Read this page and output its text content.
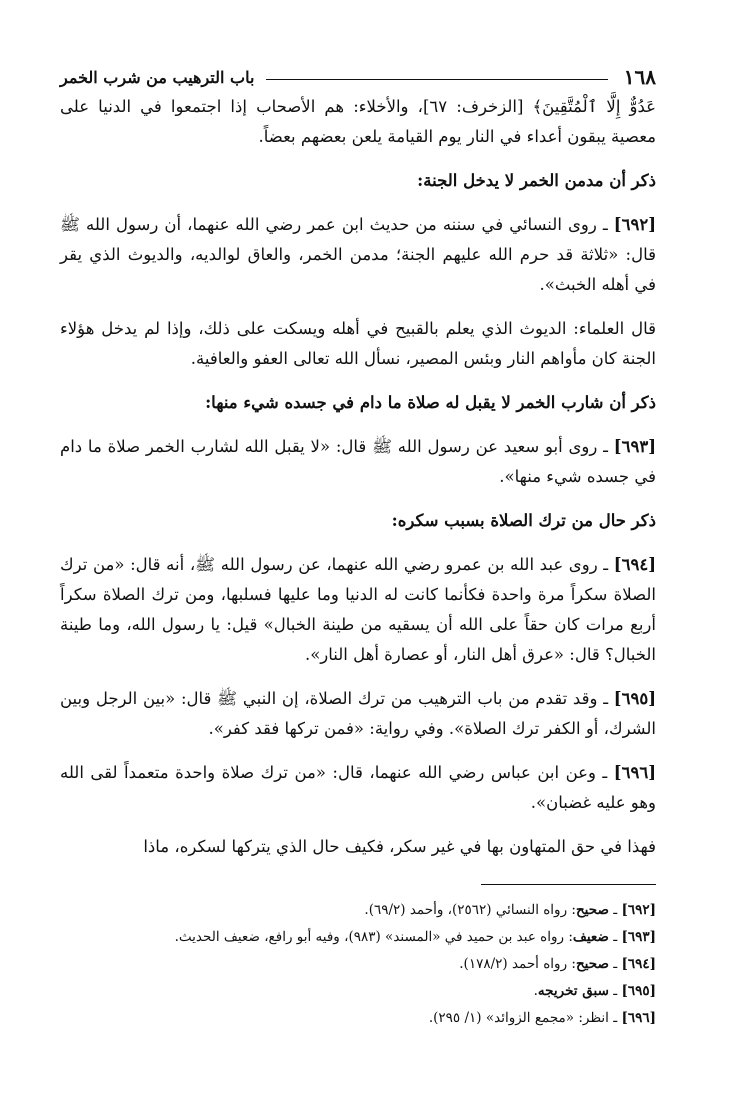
١٦٨
باب الترهيب من شرب الخمر

عَدُوٌّ إِلَّا ٱلْمُتَّقِينَ﴾ [الزخرف: ٦٧]، والأخلاء: هم الأصحاب إذا اجتمعوا في الدنيا على معصية يبقون أعداء في النار يوم القيامة يلعن بعضهم بعضاً.

ذكر أن مدمن الخمر لا يدخل الجنة:

[٦٩٢] ـ روى النسائي في سننه من حديث ابن عمر رضي الله عنهما، أن رسول الله ﷺ قال: «ثلاثة قد حرم الله عليهم الجنة؛ مدمن الخمر، والعاق لوالديه، والديوث الذي يقر في أهله الخبث».

قال العلماء: الديوث الذي يعلم بالقبيح في أهله ويسكت على ذلك، وإذا لم يدخل هؤلاء الجنة كان مأواهم النار وبئس المصير، نسأل الله تعالى العفو والعافية.

ذكر أن شارب الخمر لا يقبل له صلاة ما دام في جسده شيء منها:

[٦٩٣] ـ روى أبو سعيد عن رسول الله ﷺ قال: «لا يقبل الله لشارب الخمر صلاة ما دام في جسده شيء منها».

ذكر حال من ترك الصلاة بسبب سكره:

[٦٩٤] ـ روى عبد الله بن عمرو رضي الله عنهما، عن رسول الله ﷺ، أنه قال: «من ترك الصلاة سكراً مرة واحدة فكأنما كانت له الدنيا وما عليها فسلبها، ومن ترك الصلاة سكراً أربع مرات كان حقاً على الله أن يسقيه من طينة الخبال» قيل: يا رسول الله، وما طينة الخبال؟ قال: «عرق أهل النار، أو عصارة أهل النار».

[٦٩٥] ـ وقد تقدم من باب الترهيب من ترك الصلاة، إن النبي ﷺ قال: «بين الرجل وبين الشرك، أو الكفر ترك الصلاة». وفي رواية: «فمن تركها فقد كفر».

[٦٩٦] ـ وعن ابن عباس رضي الله عنهما، قال: «من ترك صلاة واحدة متعمداً لقى الله وهو عليه غضبان».

فهذا في حق المتهاون بها في غير سكر، فكيف حال الذي يتركها لسكره، ماذا

[٦٩٢] ـ صحيح: رواه النسائي (٢٥٦٢)، وأحمد (٦٩/٢).
[٦٩٣] ـ ضعيف: رواه عبد بن حميد في «المسند» (٩٨٣)، وفيه أبو رافع، ضعيف الحديث.
[٦٩٤] ـ صحيح: رواه أحمد (١٧٨/٢).
[٦٩٥] ـ سبق تخريجه.
[٦٩٦] ـ انظر: «مجمع الزوائد» (١/ ٢٩٥).
